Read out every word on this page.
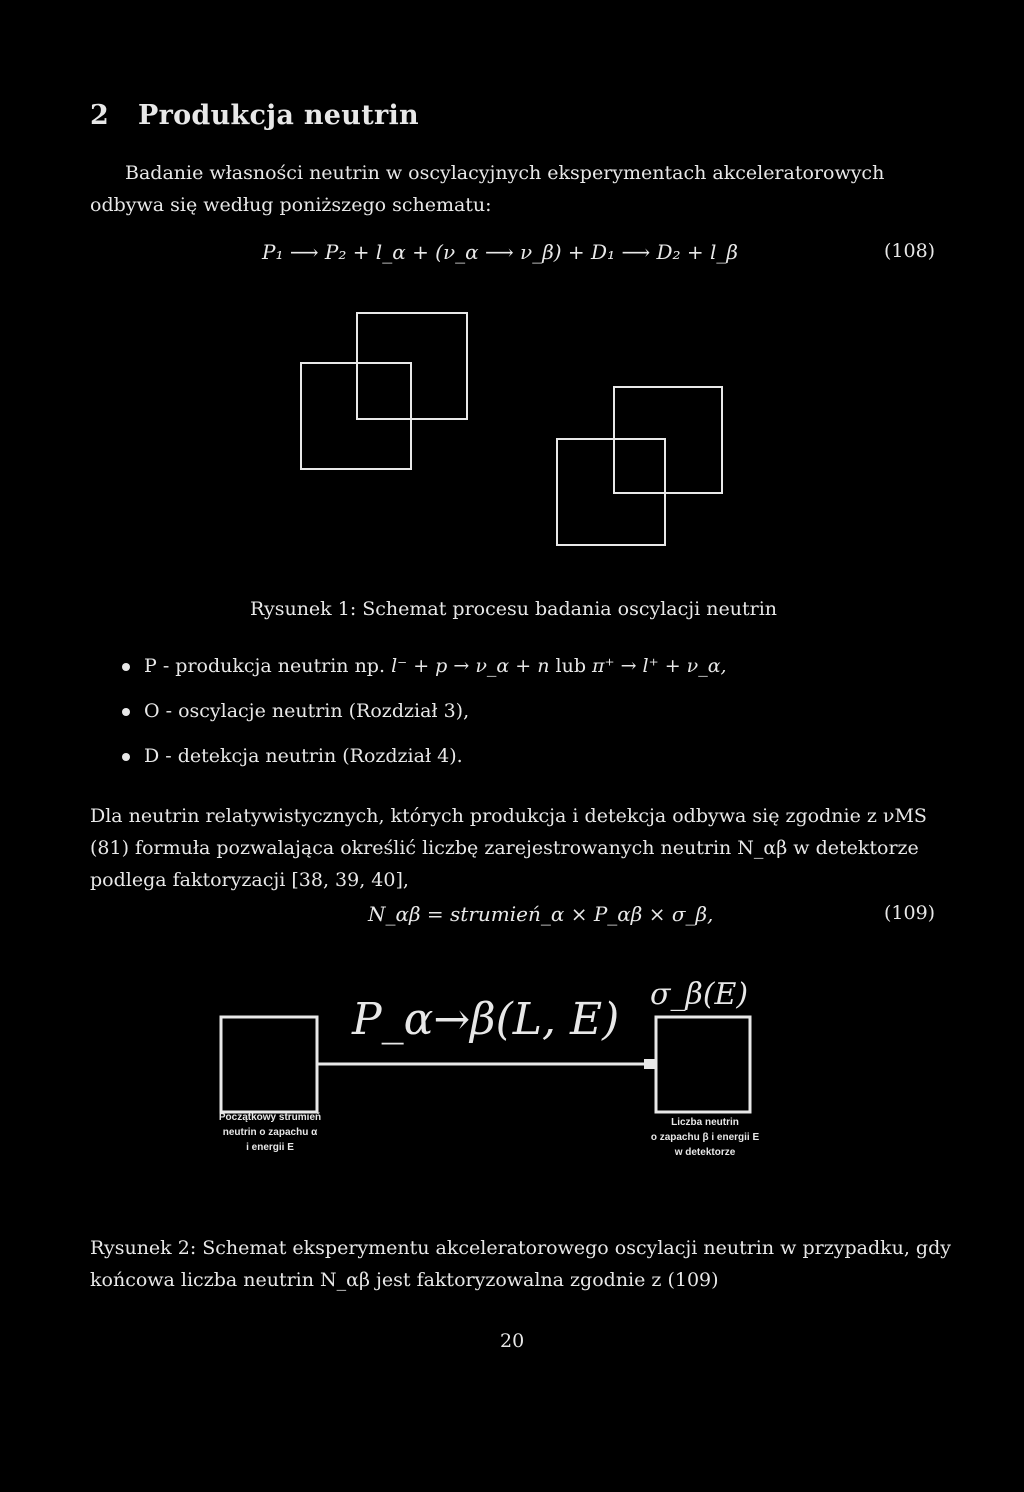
2 Produkcja neutrin

Badanie własności neutrin w oscylacyjnych eksperymentach akceleratorowych odbywa się według poniższego schematu:

P₁ ⟶ P₂ + l_α + (ν_α ⟶ ν_β) + D₁ ⟶ D₂ + l_β	(108)
Rysunek 1: Schemat procesu badania oscylacji neutrin
P - produkcja neutrin np. l⁻ + p → ν_α + n lub π⁺ → l⁺ + ν_α,
O - oscylacje neutrin (Rozdział 3),
D - detekcja neutrin (Rozdział 4).
Dla neutrin relatywistycznych, których produkcja i detekcja odbywa się zgodnie z νMS
(81) formuła pozwalająca określić liczbę zarejestrowanych neutrin N_αβ w detektorze
podlega faktoryzacji [38, 39, 40],
N_αβ = strumień_α × P_αβ × σ_β,	(109)
P_α→β(L, E) σ_β(E)
Początkowy strumień
neutrin o zapachu α
i energii E
Liczba neutrin
o zapachu β i energii E
w detektorze
Rysunek 2: Schemat eksperymentu akceleratorowego oscylacji neutrin w przypadku, gdy
końcowa liczba neutrin N_αβ jest faktoryzowalna zgodnie z (109)
20
